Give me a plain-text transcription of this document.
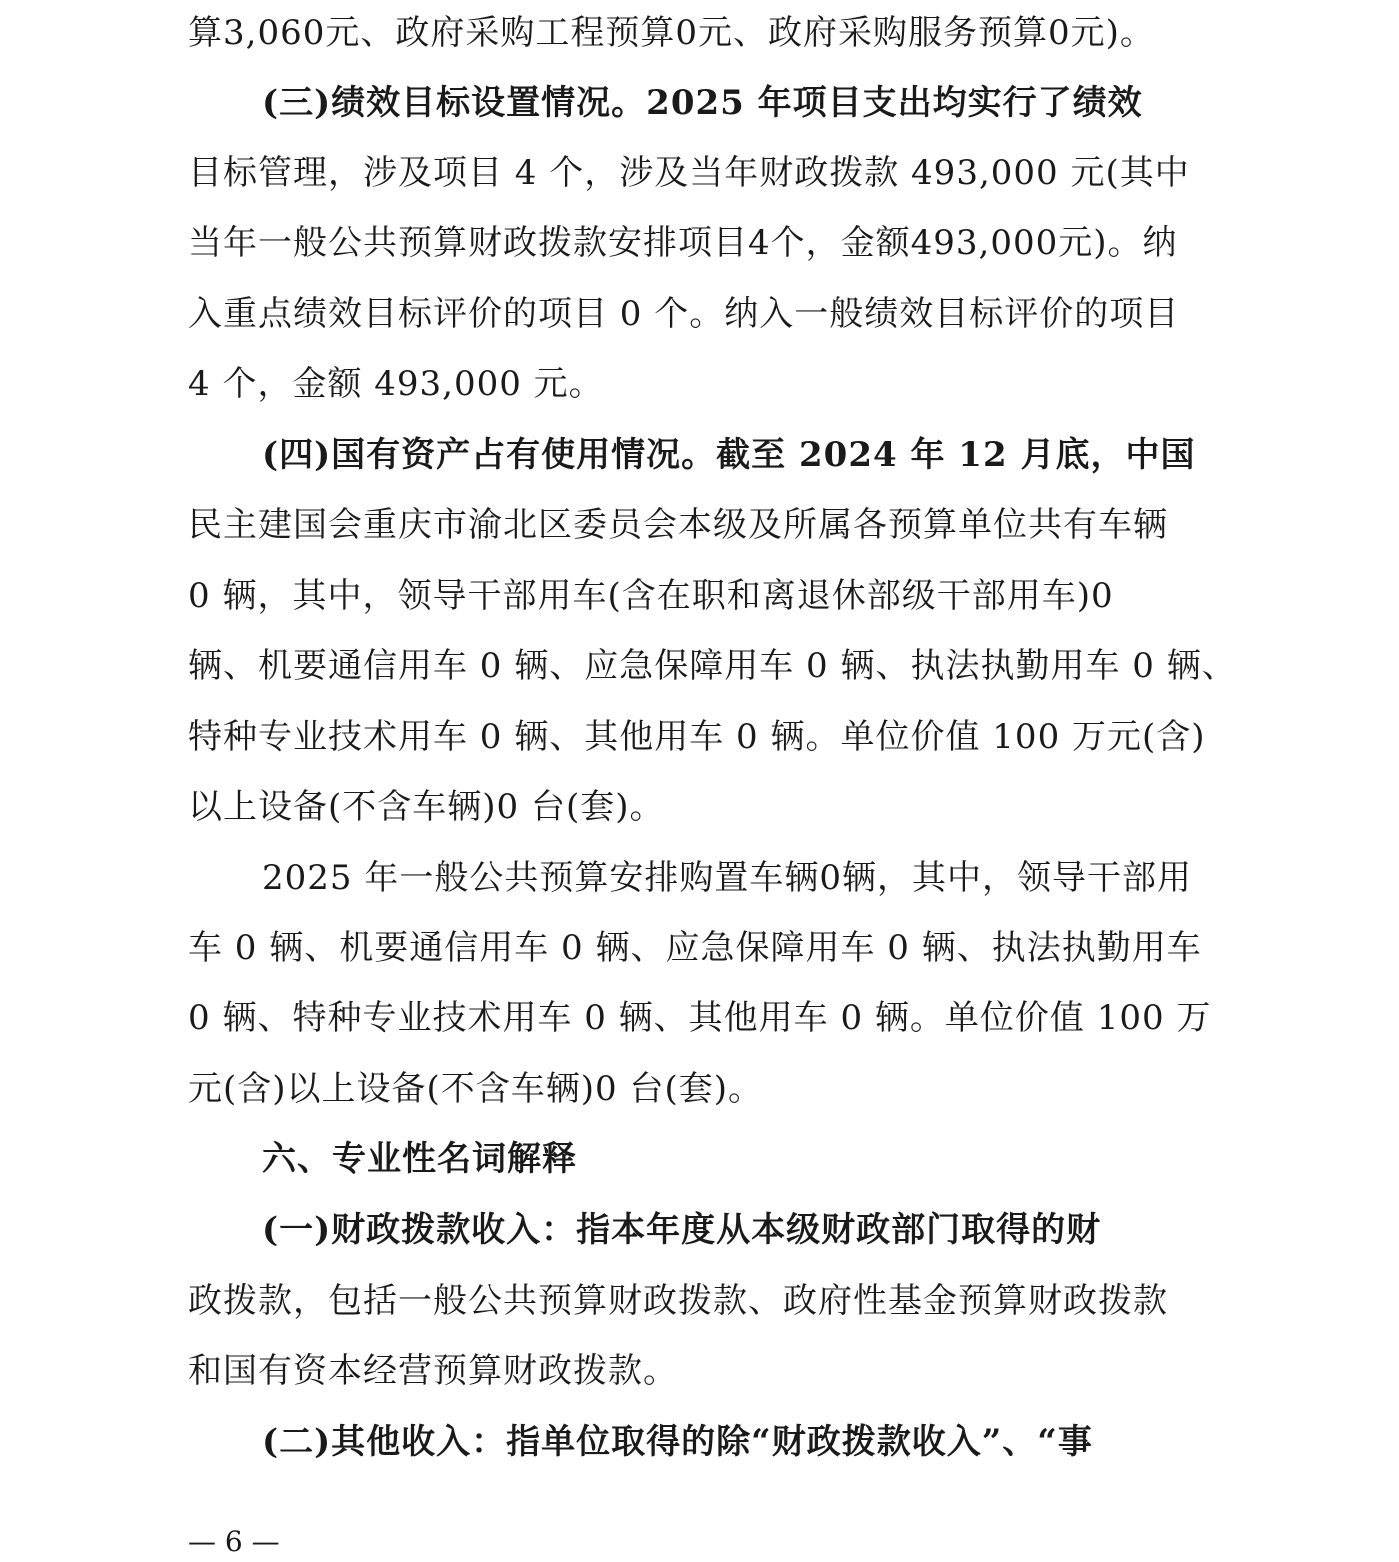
算3,060元、政府采购工程预算0元、政府采购服务预算0元)。
(三)绩效目标设置情况。2025 年项目支出均实行了绩效
目标管理，涉及项目 4 个，涉及当年财政拨款 493,000 元(其中
当年一般公共预算财政拨款安排项目4个，金额493,000元)。纳
入重点绩效目标评价的项目 0 个。纳入一般绩效目标评价的项目
4 个，金额 493,000 元。
(四)国有资产占有使用情况。截至 2024 年 12 月底，中国
民主建国会重庆市渝北区委员会本级及所属各预算单位共有车辆
0 辆，其中，领导干部用车(含在职和离退休部级干部用车)0
辆、机要通信用车 0 辆、应急保障用车 0 辆、执法执勤用车 0 辆、
特种专业技术用车 0 辆、其他用车 0 辆。单位价值 100 万元(含)
以上设备(不含车辆)0 台(套)。
2025 年一般公共预算安排购置车辆0辆，其中，领导干部用
车 0 辆、机要通信用车 0 辆、应急保障用车 0 辆、执法执勤用车
0 辆、特种专业技术用车 0 辆、其他用车 0 辆。单位价值 100 万
元(含)以上设备(不含车辆)0 台(套)。
六、专业性名词解释
(一)财政拨款收入：指本年度从本级财政部门取得的财
政拨款，包括一般公共预算财政拨款、政府性基金预算财政拨款
和国有资本经营预算财政拨款。
(二)其他收入：指单位取得的除“财政拨款收入”、“事
— 6 —
